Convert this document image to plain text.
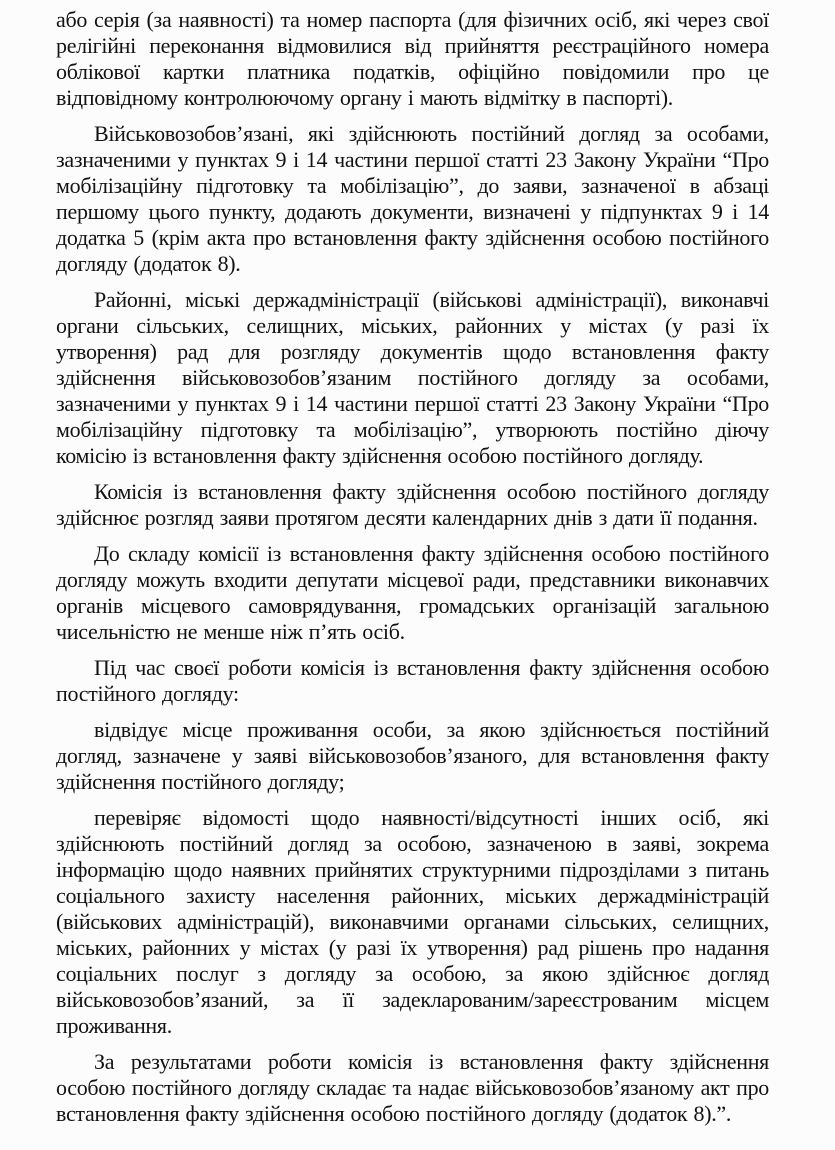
або серія (за наявності) та номер паспорта (для фізичних осіб, які через свої релігійні переконання відмовилися від прийняття реєстраційного номера облікової картки платника податків, офіційно повідомили про це відповідному контролюючому органу і мають відмітку в паспорті).

Військовозобов’язані, які здійснюють постійний догляд за особами, зазначеними у пунктах 9 і 14 частини першої статті 23 Закону України “Про мобілізаційну підготовку та мобілізацію”, до заяви, зазначеної в абзаці першому цього пункту, додають документи, визначені у підпунктах 9 і 14 додатка 5 (крім акта про встановлення факту здійснення особою постійного догляду (додаток 8).

Районні, міські держадміністрації (військові адміністрації), виконавчі органи сільських, селищних, міських, районних у містах (у разі їх утворення) рад для розгляду документів щодо встановлення факту здійснення військовозобов’язаним постійного догляду за особами, зазначеними у пунктах 9 і 14 частини першої статті 23 Закону України “Про мобілізаційну підготовку та мобілізацію”, утворюють постійно діючу комісію із встановлення факту здійснення особою постійного догляду.

Комісія із встановлення факту здійснення особою постійного догляду здійснює розгляд заяви протягом десяти календарних днів з дати її подання.

До складу комісії із встановлення факту здійснення особою постійного догляду можуть входити депутати місцевої ради, представники виконавчих органів місцевого самоврядування, громадських організацій загальною чисельністю не менше ніж п’ять осіб.

Під час своєї роботи комісія із встановлення факту здійснення особою постійного догляду:

відвідує місце проживання особи, за якою здійснюється постійний догляд, зазначене у заяві військовозобов’язаного, для встановлення факту здійснення постійного догляду;

перевіряє відомості щодо наявності/відсутності інших осіб, які здійснюють постійний догляд за особою, зазначеною в заяві, зокрема інформацію щодо наявних прийнятих структурними підрозділами з питань соціального захисту населення районних, міських держадміністрацій (військових адміністрацій), виконавчими органами сільських, селищних, міських, районних у містах (у разі їх утворення) рад рішень про надання соціальних послуг з догляду за особою, за якою здійснює догляд військовозобов’язаний, за її задекларованим/зареєстрованим місцем проживання.

За результатами роботи комісія із встановлення факту здійснення особою постійного догляду складає та надає військовозобов’язаному акт про встановлення факту здійснення особою постійного догляду (додаток 8).”.
